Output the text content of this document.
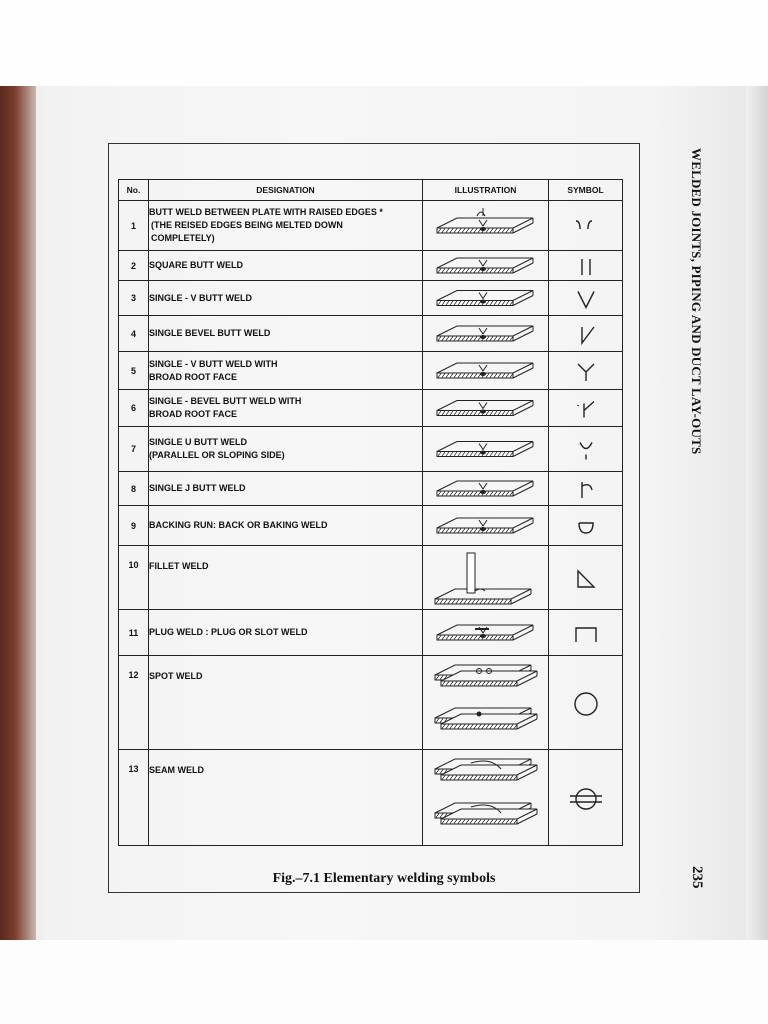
WELDED JOINTS, PIPING AND DUCT LAY-OUTS
235
No.	DESIGNATION	ILLUSTRATION	SYMBOL
1	BUTT WELD BETWEEN PLATE WITH RAISED EDGES *
(THE REISED EDGES BEING MELTED DOWN
COMPLETELY)

2	SQUARE BUTT WELD

3	SINGLE - V BUTT WELD

4	SINGLE BEVEL BUTT WELD

5	SINGLE - V BUTT WELD WITH
BROAD ROOT FACE

6	SINGLE - BEVEL BUTT WELD WITH
BROAD ROOT FACE

7	SINGLE U BUTT WELD
(PARALLEL OR SLOPING SIDE)

8	SINGLE J BUTT WELD

9	BACKING RUN: BACK OR BAKING WELD

10	FILLET WELD

11	PLUG WELD : PLUG OR SLOT WELD

12	SPOT WELD

13	SEAM WELD

Fig.–7.1 Elementary welding symbols
